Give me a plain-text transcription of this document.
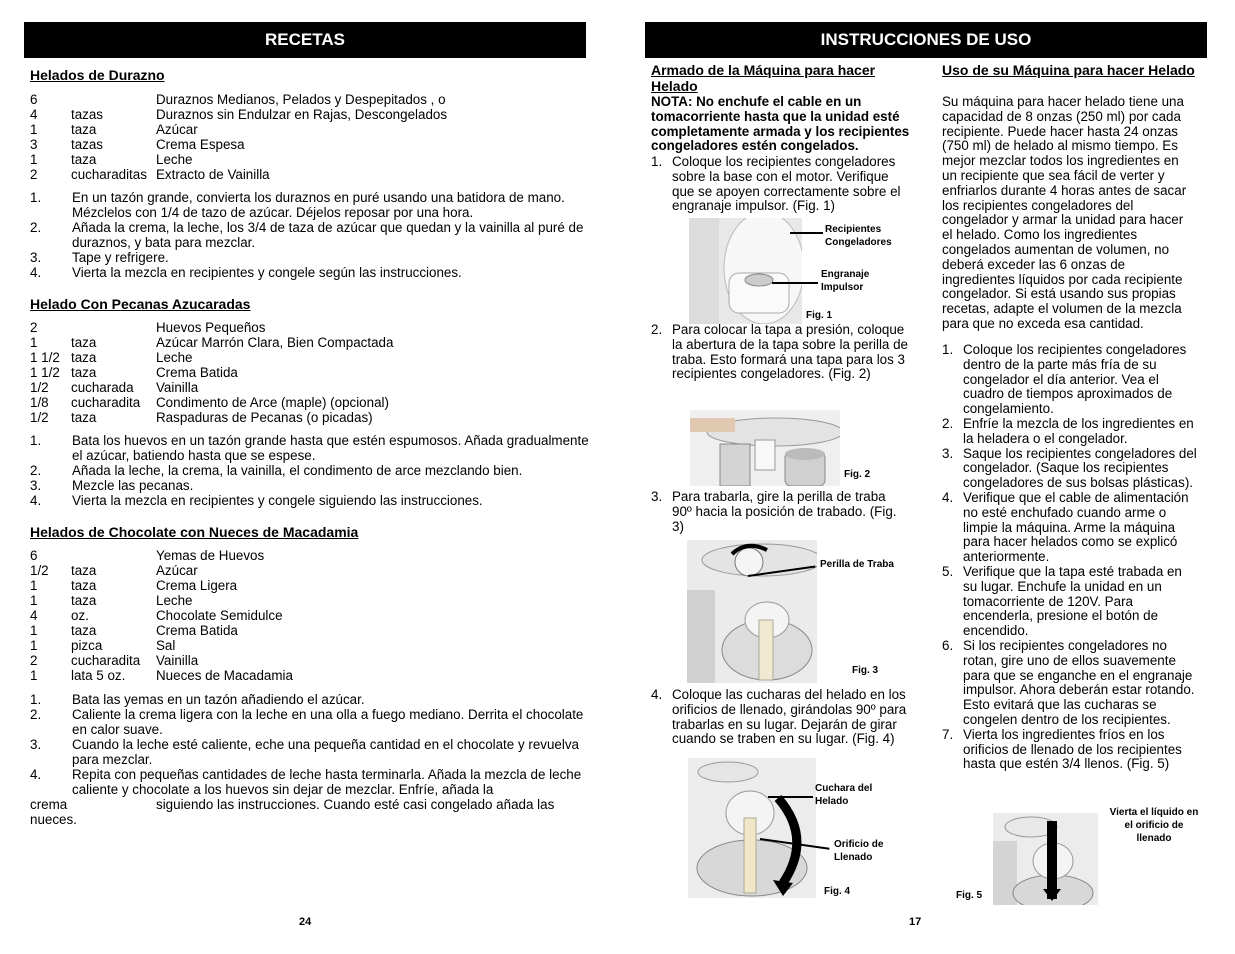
RECETAS
Helados de Durazno
6	Duraznos Medianos, Pelados y Despepitados , o
4	tazas	Duraznos sin Endulzar en Rajas, Descongelados
1	taza	Azúcar
3	tazas	Crema Espesa
1	taza	Leche
2	cucharaditas Extracto de Vainilla
1. En un tazón grande, convierta los duraznos en puré usando una batidora de mano. Mézclelos con 1/4 de tazo de azúcar. Déjelos reposar por una hora.
2. Añada la crema, la leche, los 3/4 de taza de azúcar que quedan y la vainilla al puré de duraznos, y bata para mezclar.
3. Tape y refrigere.
4. Vierta la mezcla en recipientes y congele según las instrucciones.
Helado Con Pecanas Azucaradas
2	Huevos Pequeños
1	taza	Azúcar Marrón Clara, Bien Compactada
1 1/2 taza	Leche
1 1/2 taza	Crema Batida
1/2 cucharada Vainilla
1/8 cucharadita Condimento de Arce (maple) (opcional)
1/2 taza	Raspaduras de Pecanas (o picadas)
1. Bata los huevos en un tazón grande hasta que estén espumosos. Añada gradualmente el azúcar, batiendo hasta que se espese.
2. Añada la leche, la crema, la vainilla, el condimento de arce mezclando bien.
3. Mezcle las pecanas.
4. Vierta la mezcla en recipientes y congele siguiendo las instrucciones.
Helados de Chocolate con Nueces de Macadamia
6	Yemas de Huevos
1/2 taza	Azúcar
1	taza	Crema Ligera
1	taza	Leche
4	oz.	Chocolate Semidulce
1	taza	Crema Batida
1	pizca	Sal
2	cucharadita Vainilla
1	lata 5 oz. Nueces de Macadamia
1. Bata las yemas en un tazón añadiendo el azúcar.
2. Caliente la crema ligera con la leche en una olla a fuego mediano. Derrita el chocolate en calor suave.
3. Cuando la leche esté caliente, eche una pequeña cantidad en el chocolate y revuelva para mezclar.
4. Repita con pequeñas cantidades de leche hasta terminarla. Añada la mezcla de leche caliente y chocolate a los huevos sin dejar de mezclar. Enfríe, añada la
crema	siguiendo las instrucciones. Cuando esté casi congelado añada las
nueces.
24
INSTRUCCIONES DE USO
Armado de la Máquina para hacer Helado
NOTA: No enchufe el cable en un tomacorriente hasta que la unidad esté completamente armada y los recipientes congeladores estén congelados.
1. Coloque los recipientes congeladores sobre la base con el motor. Verifique que se apoyen correctamente sobre el engranaje impulsor. (Fig. 1)
Recipientes Congeladores
Engranaje Impulsor
Fig. 1
2. Para colocar la tapa a presión, coloque la abertura de la tapa sobre la perilla de traba. Esto formará una tapa para los 3 recipientes congeladores. (Fig. 2)
Fig. 2
3. Para trabarla, gire la perilla de traba 90º hacia la posición de trabado. (Fig. 3)
Perilla de Traba
Fig. 3
4. Coloque las cucharas del helado en los orificios de llenado, girándolas 90º para trabarlas en su lugar. Dejarán de girar cuando se traben en su lugar. (Fig. 4)
Cuchara del Helado
Orificio de Llenado
Fig. 4
Uso de su Máquina para hacer Helado
Su máquina para hacer helado tiene una capacidad de 8 onzas (250 ml) por cada recipiente. Puede hacer hasta 24 onzas (750 ml) de helado al mismo tiempo. Es mejor mezclar todos los ingredientes en un recipiente que sea fácil de verter y enfriarlos durante 4 horas antes de sacar los recipientes congeladores del congelador y armar la unidad para hacer el helado. Como los ingredientes congelados aumentan de volumen, no deberá exceder las 6 onzas de ingredientes líquidos por cada recipiente congelador. Si está usando sus propias recetas, adapte el volumen de la mezcla para que no exceda esa cantidad.
1. Coloque los recipientes congeladores dentro de la parte más fría de su congelador el día anterior. Vea el cuadro de tiempos aproximados de congelamiento.
2. Enfríe la mezcla de los ingredientes en la heladera o el congelador.
3. Saque los recipientes congeladores del congelador. (Saque los recipientes congeladores de sus bolsas plásticas).
4. Verifique que el cable de alimentación no esté enchufado cuando arme o limpie la máquina. Arme la máquina para hacer helados como se explicó anteriormente.
5. Verifique que la tapa esté trabada en su lugar. Enchufe la unidad en un tomacorriente de 120V. Para encenderla, presione el botón de encendido.
6. Si los recipientes congeladores no rotan, gire uno de ellos suavemente para que se enganche en el engranaje impulsor. Ahora deberán estar rotando. Esto evitará que las cucharas se congelen dentro de los recipientes.
7. Vierta los ingredientes fríos en los orificios de llenado de los recipientes hasta que estén 3/4 llenos. (Fig. 5)
Vierta el líquido en el orificio de llenado
Fig. 5
17
